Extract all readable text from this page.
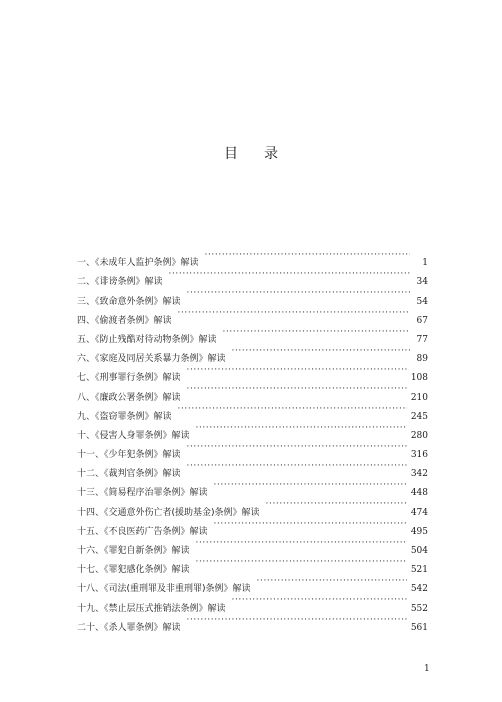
目录
一、《未成年人监护条例》解读 ·····	1
二、《诽谤条例》解读 ·····	34
三、《致命意外条例》解读 ·····	54
四、《偷渡者条例》解读 ·····	67
五、《防止残酷对待动物条例》解读 ·····	77
六、《家庭及同居关系暴力条例》解读 ·····	89
七、《刑事罪行条例》解读 ·····	108
八、《廉政公署条例》解读 ·····	210
九、《盗窃罪条例》解读 ·····	245
十、《侵害人身罪条例》解读 ·····	280
十一、《少年犯条例》解读 ·····	316
十二、《裁判官条例》解读 ·····	342
十三、《简易程序治罪条例》解读 ·····	448
十四、《交通意外伤亡者(援助基金)条例》解读 ·····	474
十五、《不良医药广告条例》解读 ·····	495
十六、《罪犯自新条例》解读 ·····	504
十七、《罪犯感化条例》解读 ·····	521
十八、《司法(重刑罪及非重刑罪)条例》解读 ·····	542
十九、《禁止层压式推销法条例》解读 ·····	552
二十、《杀人罪条例》解读 ·····	561
1
